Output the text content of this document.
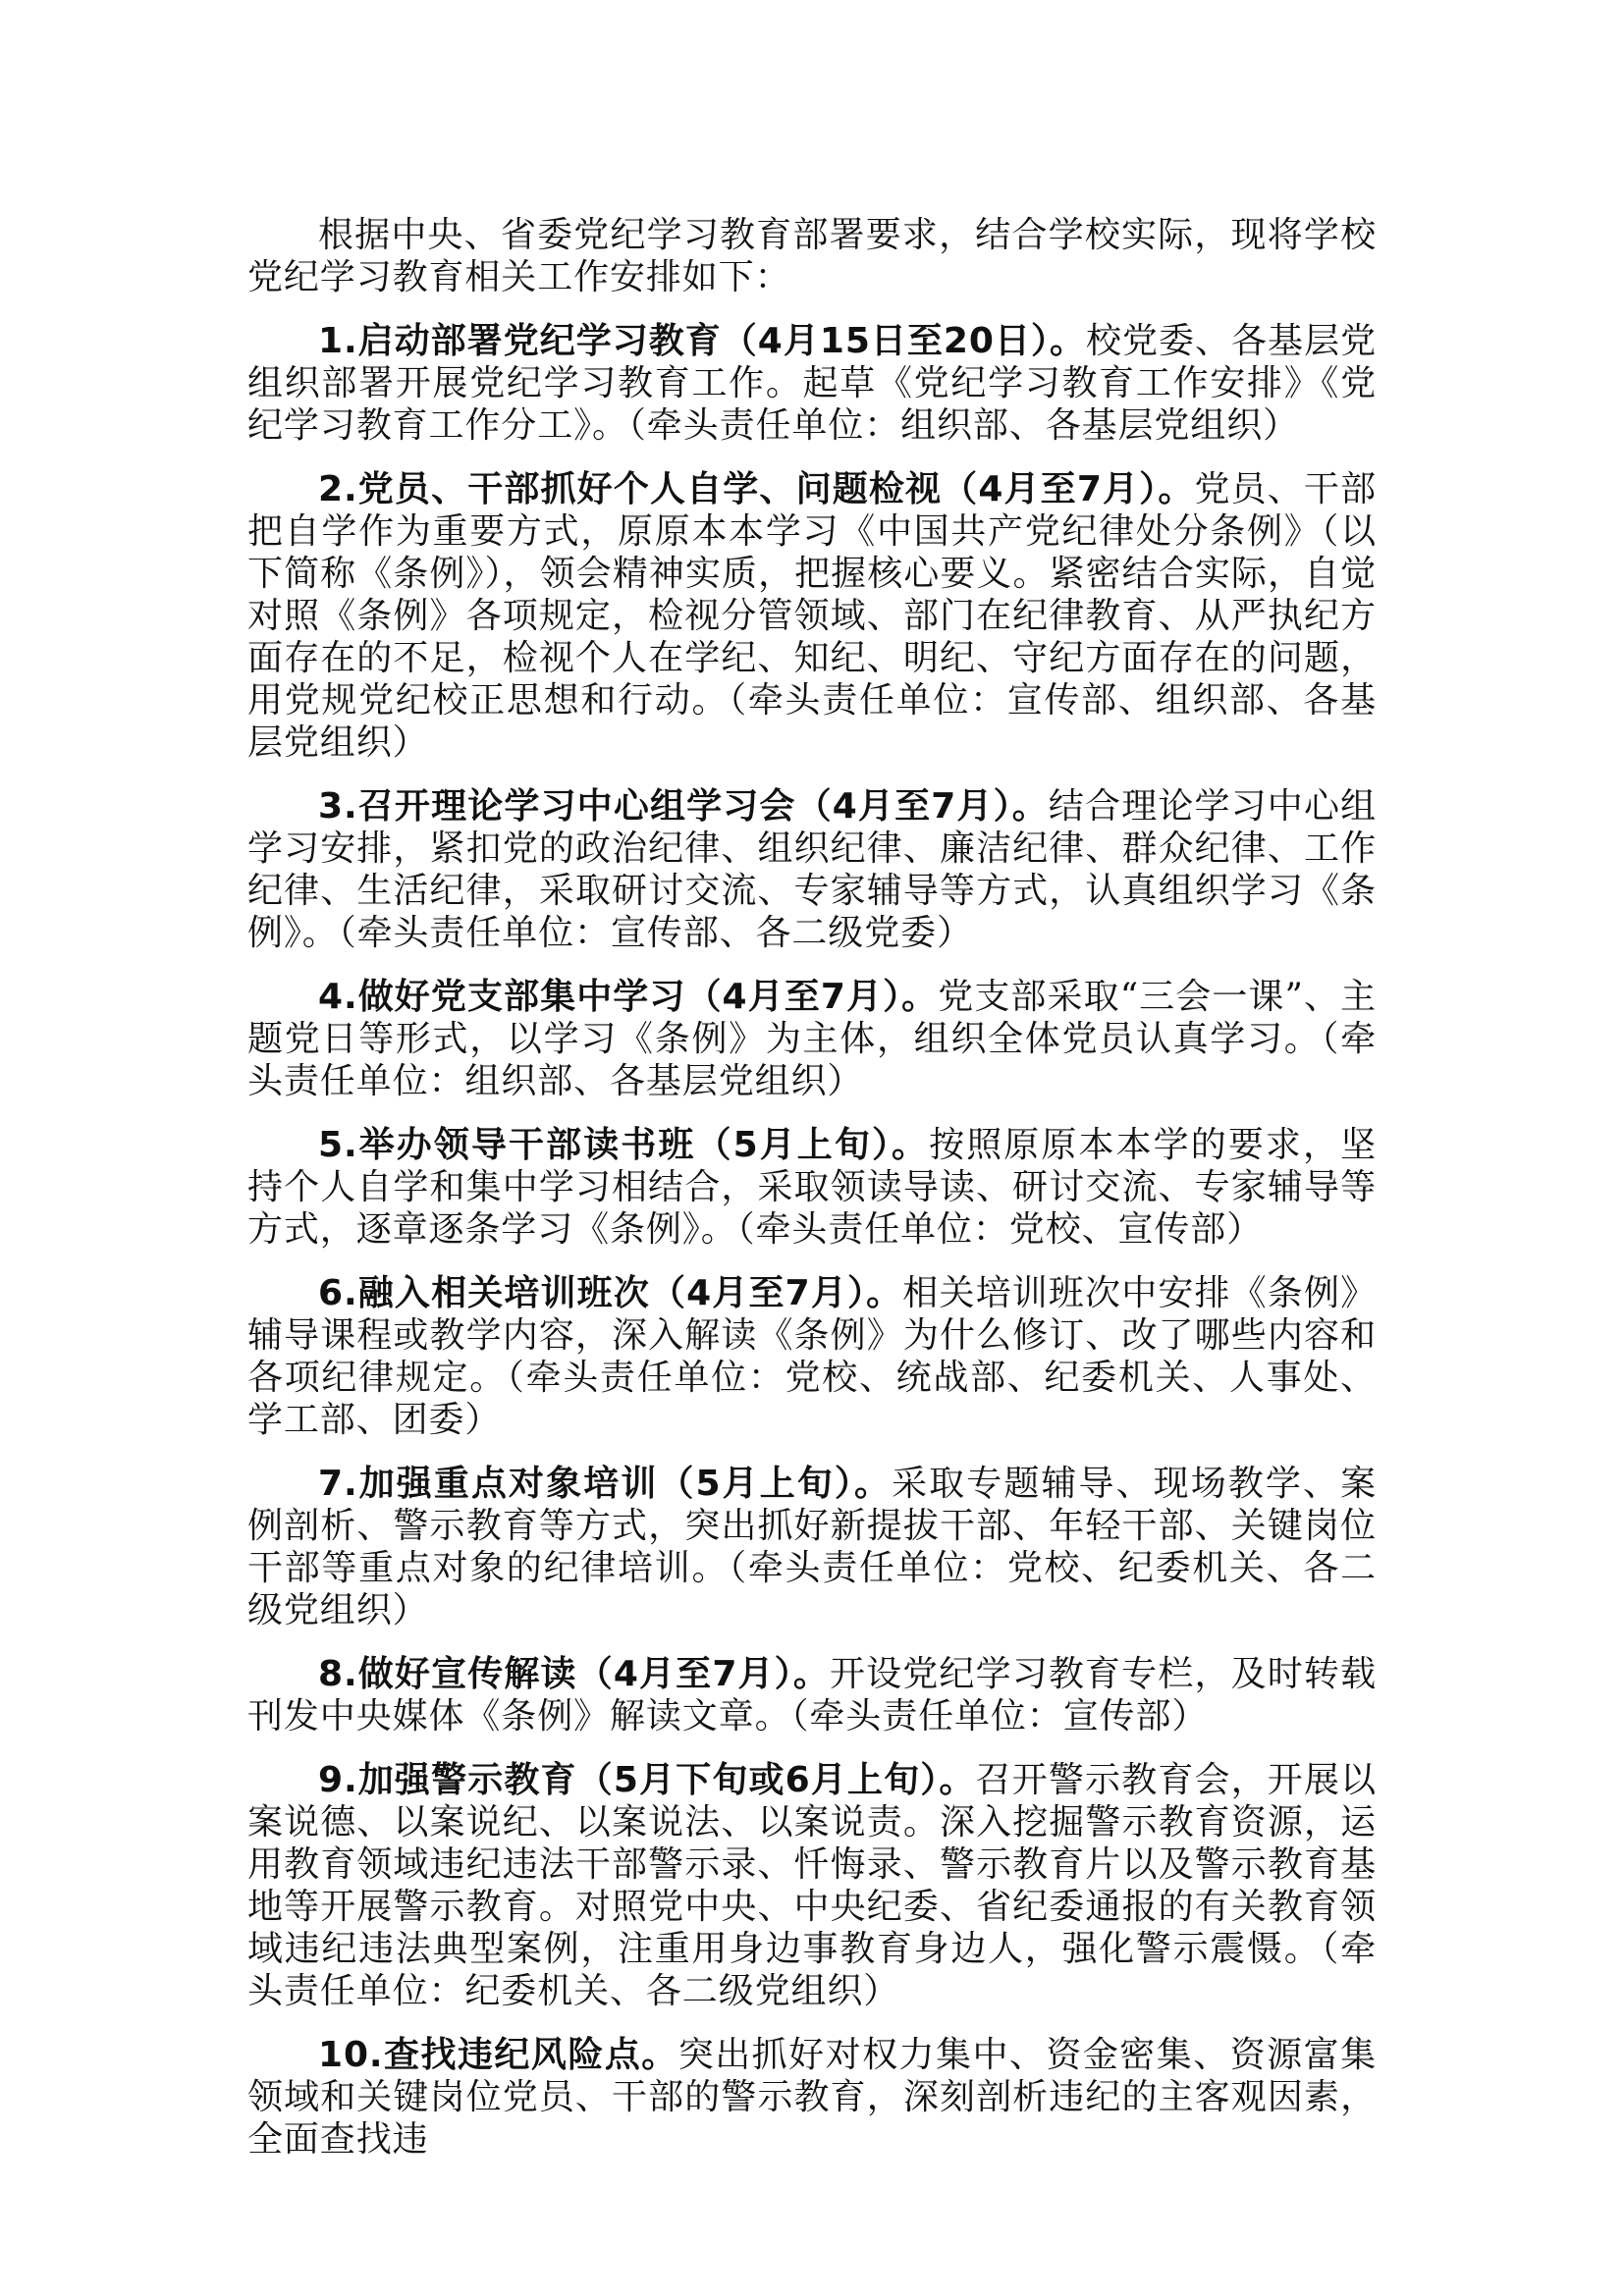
根据中央、省委党纪学习教育部署要求，结合学校实际，现将学校党纪学习教育相关工作安排如下：

1.启动部署党纪学习教育（4月15日至20日）。校党委、各基层党组织部署开展党纪学习教育工作。起草《党纪学习教育工作安排》《党纪学习教育工作分工》。（牵头责任单位：组织部、各基层党组织）

2.党员、干部抓好个人自学、问题检视（4月至7月）。党员、干部把自学作为重要方式，原原本本学习《中国共产党纪律处分条例》（以下简称《条例》），领会精神实质，把握核心要义。紧密结合实际，自觉对照《条例》各项规定，检视分管领域、部门在纪律教育、从严执纪方面存在的不足，检视个人在学纪、知纪、明纪、守纪方面存在的问题，用党规党纪校正思想和行动。（牵头责任单位：宣传部、组织部、各基层党组织）

3.召开理论学习中心组学习会（4月至7月）。结合理论学习中心组学习安排，紧扣党的政治纪律、组织纪律、廉洁纪律、群众纪律、工作纪律、生活纪律，采取研讨交流、专家辅导等方式，认真组织学习《条例》。（牵头责任单位：宣传部、各二级党委）

4.做好党支部集中学习（4月至7月）。党支部采取“三会一课”、主题党日等形式，以学习《条例》为主体，组织全体党员认真学习。（牵头责任单位：组织部、各基层党组织）

5.举办领导干部读书班（5月上旬）。按照原原本本学的要求，坚持个人自学和集中学习相结合，采取领读导读、研讨交流、专家辅导等方式，逐章逐条学习《条例》。（牵头责任单位：党校、宣传部）

6.融入相关培训班次（4月至7月）。相关培训班次中安排《条例》辅导课程或教学内容，深入解读《条例》为什么修订、改了哪些内容和各项纪律规定。（牵头责任单位：党校、统战部、纪委机关、人事处、学工部、团委）

7.加强重点对象培训（5月上旬）。采取专题辅导、现场教学、案例剖析、警示教育等方式，突出抓好新提拔干部、年轻干部、关键岗位干部等重点对象的纪律培训。（牵头责任单位：党校、纪委机关、各二级党组织）

8.做好宣传解读（4月至7月）。开设党纪学习教育专栏，及时转载刊发中央媒体《条例》解读文章。（牵头责任单位：宣传部）

9.加强警示教育（5月下旬或6月上旬）。召开警示教育会，开展以案说德、以案说纪、以案说法、以案说责。深入挖掘警示教育资源，运用教育领域违纪违法干部警示录、忏悔录、警示教育片以及警示教育基地等开展警示教育。对照党中央、中央纪委、省纪委通报的有关教育领域违纪违法典型案例，注重用身边事教育身边人，强化警示震慑。（牵头责任单位：纪委机关、各二级党组织）

10.查找违纪风险点。突出抓好对权力集中、资金密集、资源富集领域和关键岗位党员、干部的警示教育，深刻剖析违纪的主客观因素，全面查找违
